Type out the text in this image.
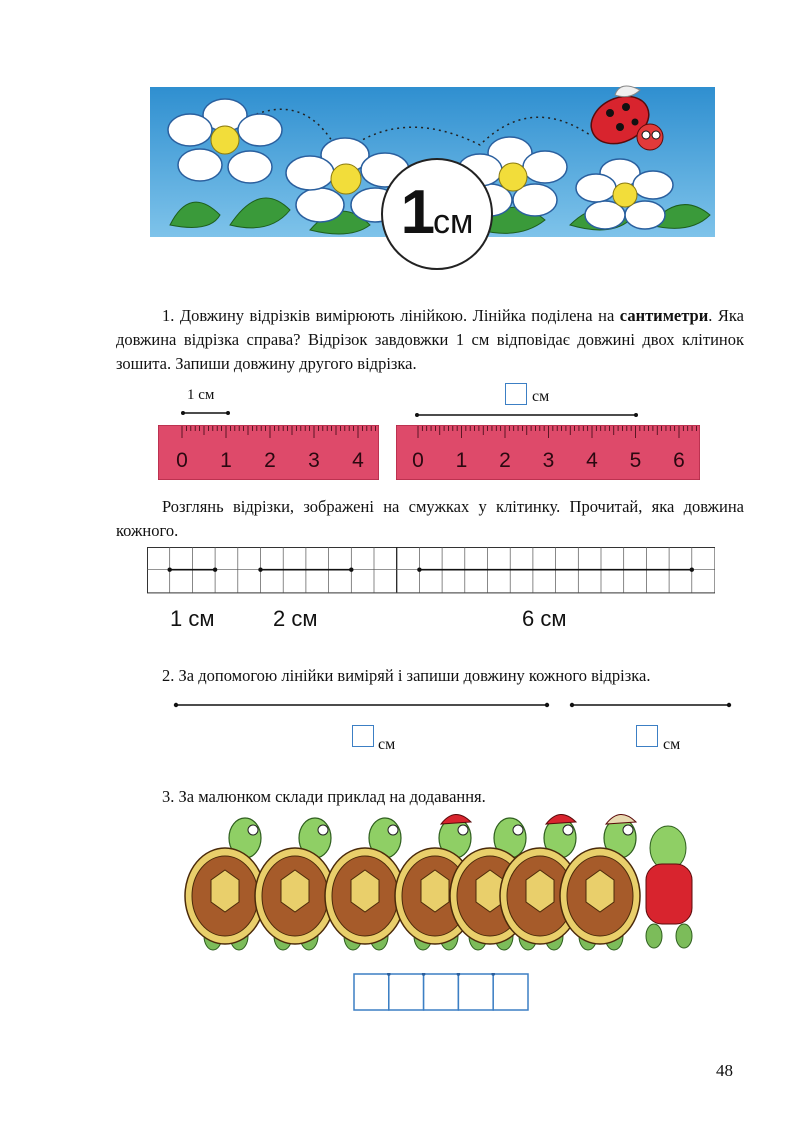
1см
1. Довжину відрізків вимірюють лінійкою. Лінійка поділена на сантиметри. Яка довжина відрізка справа? Відрізок завдовжки 1 см відповідає довжині двох клітинок зошита. Запиши довжину другого відрізка.
1 см	см
0 1 2 3 4 0 1 2 3 4 5 6
Розглянь відрізки, зображені на смужках у клітинку. Прочитай, яка довжина кожного.
1 см	2 см	6 см
2. За допомогою лінійки виміряй і запиши довжину кожного відрізка.
см	см
3. За малюнком склади приклад на додавання.
48
